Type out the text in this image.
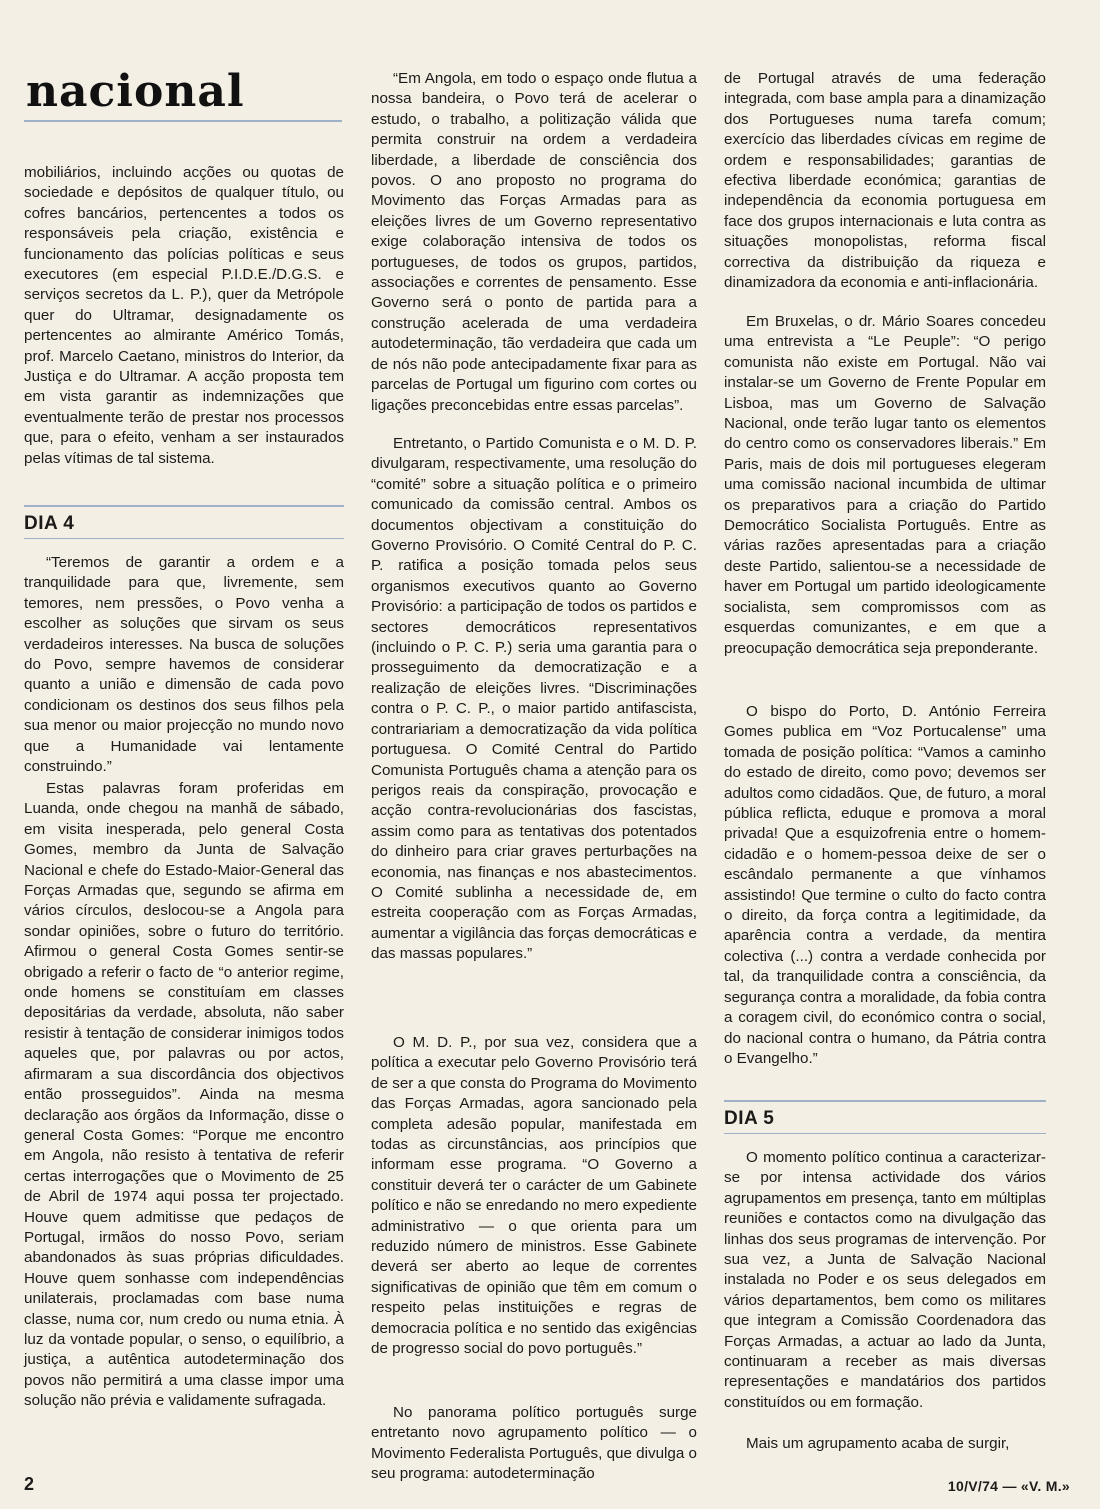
nacional

mobiliários, incluindo acções ou quotas de sociedade e depósitos de qualquer título, ou cofres bancários, pertencentes a todos os responsáveis pela criação, existência e funcionamento das polícias políticas e seus executores (em especial P.I.D.E./D.G.S. e serviços secretos da L. P.), quer da Metrópole quer do Ultramar, designadamente os pertencentes ao almirante Américo Tomás, prof. Marcelo Caetano, ministros do Interior, da Justiça e do Ultramar. A acção proposta tem em vista garantir as indemnizações que eventualmente terão de prestar nos processos que, para o efeito, venham a ser instaurados pelas vítimas de tal sistema.

DIA 4

“Teremos de garantir a ordem e a tranquilidade para que, livremente, sem temores, nem pressões, o Povo venha a escolher as soluções que sirvam os seus verdadeiros interesses. Na busca de soluções do Povo, sempre havemos de considerar quanto a união e dimensão de cada povo condicionam os destinos dos seus filhos pela sua menor ou maior projecção no mundo novo que a Humanidade vai lentamente construindo.”

Estas palavras foram proferidas em Luanda, onde chegou na manhã de sábado, em visita inesperada, pelo general Costa Gomes, membro da Junta de Salvação Nacional e chefe do Estado-Maior-General das Forças Armadas que, segundo se afirma em vários círculos, deslocou-se a Angola para sondar opiniões, sobre o futuro do território. Afirmou o general Costa Gomes sentir-se obrigado a referir o facto de “o anterior regime, onde homens se constituíam em classes depositárias da verdade, absoluta, não saber resistir à tentação de considerar inimigos todos aqueles que, por palavras ou por actos, afirmaram a sua discordância dos objectivos então prosseguidos”. Ainda na mesma declaração aos órgãos da Informação, disse o general Costa Gomes: “Porque me encontro em Angola, não resisto à tentativa de referir certas interrogações que o Movimento de 25 de Abril de 1974 aqui possa ter projectado. Houve quem admitisse que pedaços de Portugal, irmãos do nosso Povo, seriam abandonados às suas próprias dificuldades. Houve quem sonhasse com independências unilaterais, proclamadas com base numa classe, numa cor, num credo ou numa etnia. À luz da vontade popular, o senso, o equilíbrio, a justiça, a autêntica autodeterminação dos povos não permitirá a uma classe impor uma solução não prévia e validamente sufragada.

“Em Angola, em todo o espaço onde flutua a nossa bandeira, o Povo terá de acelerar o estudo, o trabalho, a politização válida que permita construir na ordem a verdadeira liberdade, a liberdade de consciência dos povos. O ano proposto no programa do Movimento das Forças Armadas para as eleições livres de um Governo representativo exige colaboração intensiva de todos os portugueses, de todos os grupos, partidos, associações e correntes de pensamento. Esse Governo será o ponto de partida para a construção acelerada de uma verdadeira autodeterminação, tão verdadeira que cada um de nós não pode antecipadamente fixar para as parcelas de Portugal um figurino com cortes ou ligações preconcebidas entre essas parcelas”.

Entretanto, o Partido Comunista e o M. D. P. divulgaram, respectivamente, uma resolução do “comité” sobre a situação política e o primeiro comunicado da comissão central. Ambos os documentos objectivam a constituição do Governo Provisório. O Comité Central do P. C. P. ratifica a posição tomada pelos seus organismos executivos quanto ao Governo Provisório: a participação de todos os partidos e sectores democráticos representativos (incluindo o P. C. P.) seria uma garantia para o prosseguimento da democratização e a realização de eleições livres. “Discriminações contra o P. C. P., o maior partido antifascista, contrariariam a democratização da vida política portuguesa. O Comité Central do Partido Comunista Português chama a atenção para os perigos reais da conspiração, provocação e acção contra-revolucionárias dos fascistas, assim como para as tentativas dos potentados do dinheiro para criar graves perturbações na economia, nas finanças e nos abastecimentos. O Comité sublinha a necessidade de, em estreita cooperação com as Forças Armadas, aumentar a vigilância das forças democráticas e das massas populares.”

O M. D. P., por sua vez, considera que a política a executar pelo Governo Provisório terá de ser a que consta do Programa do Movimento das Forças Armadas, agora sancionado pela completa adesão popular, manifestada em todas as circunstâncias, aos princípios que informam esse programa. “O Governo a constituir deverá ter o carácter de um Gabinete político e não se enredando no mero expediente administrativo — o que orienta para um reduzido número de ministros. Esse Gabinete deverá ser aberto ao leque de correntes significativas de opinião que têm em comum o respeito pelas instituições e regras de democracia política e no sentido das exigências de progresso social do povo português.”

No panorama político português surge entretanto novo agrupamento político — o Movimento Federalista Português, que divulga o seu programa: autodeterminação

de Portugal através de uma federação integrada, com base ampla para a dinamização dos Portugueses numa tarefa comum; exercício das liberdades cívicas em regime de ordem e responsabilidades; garantias de efectiva liberdade económica; garantias de independência da economia portuguesa em face dos grupos internacionais e luta contra as situações monopolistas, reforma fiscal correctiva da distribuição da riqueza e dinamizadora da economia e anti-inflacionária.

Em Bruxelas, o dr. Mário Soares concedeu uma entrevista a “Le Peuple”: “O perigo comunista não existe em Portugal. Não vai instalar-se um Governo de Frente Popular em Lisboa, mas um Governo de Salvação Nacional, onde terão lugar tanto os elementos do centro como os conservadores liberais.” Em Paris, mais de dois mil portugueses elegeram uma comissão nacional incumbida de ultimar os preparativos para a criação do Partido Democrático Socialista Português. Entre as várias razões apresentadas para a criação deste Partido, salientou-se a necessidade de haver em Portugal um partido ideologicamente socialista, sem compromissos com as esquerdas comunizantes, e em que a preocupação democrática seja preponderante.

O bispo do Porto, D. António Ferreira Gomes publica em “Voz Portucalense” uma tomada de posição política: “Vamos a caminho do estado de direito, como povo; devemos ser adultos como cidadãos. Que, de futuro, a moral pública reflicta, eduque e promova a moral privada! Que a esquizofrenia entre o homem-cidadão e o homem-pessoa deixe de ser o escândalo permanente a que vínhamos assistindo! Que termine o culto do facto contra o direito, da força contra a legitimidade, da aparência contra a verdade, da mentira colectiva (...) contra a verdade conhecida por tal, da tranquilidade contra a consciência, da segurança contra a moralidade, da fobia contra a coragem civil, do económico contra o social, do nacional contra o humano, da Pátria contra o Evangelho.”

DIA 5

O momento político continua a caracterizar-se por intensa actividade dos vários agrupamentos em presença, tanto em múltiplas reuniões e contactos como na divulgação das linhas dos seus programas de intervenção. Por sua vez, a Junta de Salvação Nacional instalada no Poder e os seus delegados em vários departamentos, bem como os militares que integram a Comissão Coordenadora das Forças Armadas, a actuar ao lado da Junta, continuaram a receber as mais diversas representações e mandatários dos partidos constituídos ou em formação.

Mais um agrupamento acaba de surgir,

2	10/V/74 — «V. M.»
